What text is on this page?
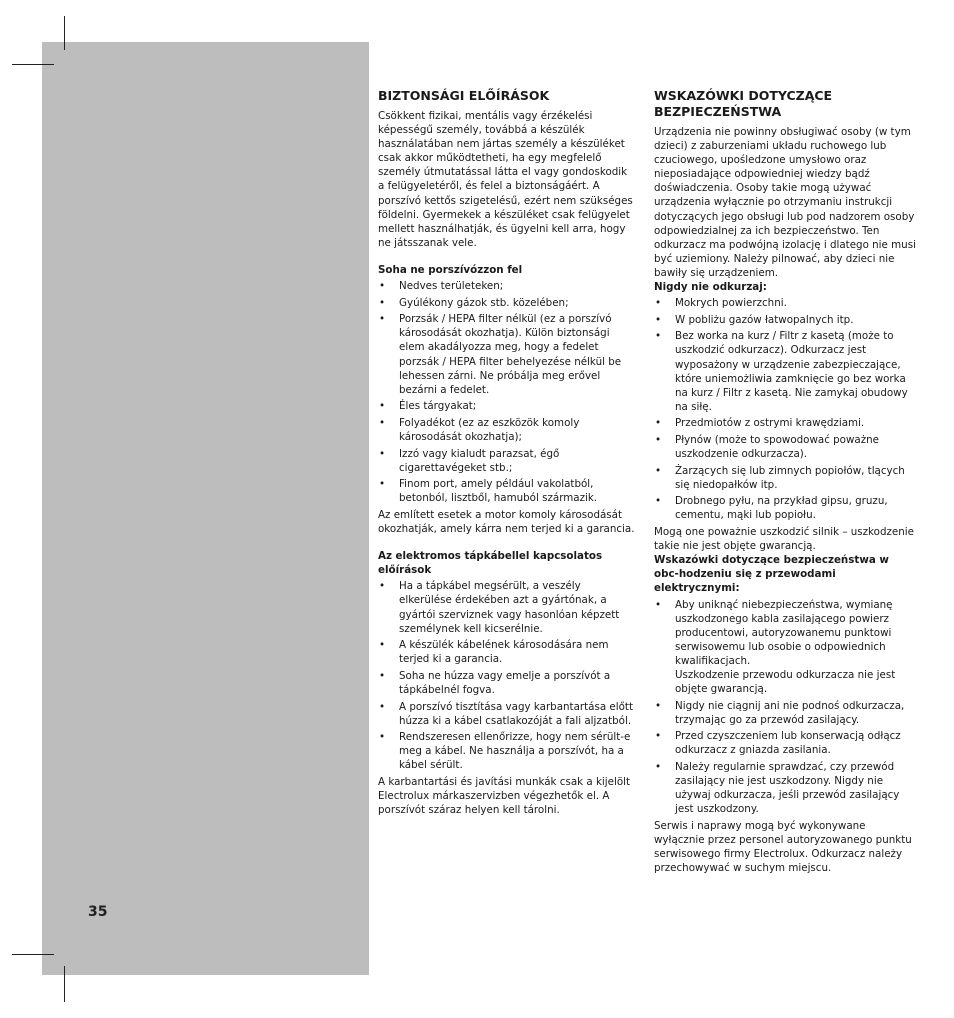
35
BIZTONSÁGI ELŐÍRÁSOK

Csökkent fizikai, mentális vagy érzékelési képességű személy, továbbá a készülék használatában nem jártas személy a készüléket csak akkor működtetheti, ha egy megfelelő személy útmutatással látta el vagy gondoskodik a felügyeletéről, és felel a biztonságáért. A porszívó kettős szigetelésű, ezért nem szükséges földelni. Gyermekek a készüléket csak felügyelet mellett használhatják, és ügyelni kell arra, hogy ne játsszanak vele.

Soha ne porszívózzon fel

• Nedves területeken;
• Gyúlékony gázok stb. közelében;
• Porzsák / HEPA filter nélkül (ez a porszívó károsodását okozhatja). Külön biztonsági elem akadályozza meg, hogy a fedelet porzsák / HEPA filter behelyezése nélkül be lehessen zárni. Ne próbálja meg erővel bezárni a fedelet.
• Éles tárgyakat;
• Folyadékot (ez az eszközök komoly károsodását okozhatja);
• Izzó vagy kialudt parazsat, égő cigarettavégeket stb.;
• Finom port, amely például vakolatból, betonból, lisztből, hamuból származik.

Az említett esetek a motor komoly károsodását okozhatják, amely kárra nem terjed ki a garancia.

Az elektromos tápkábellel kapcsolatos előírások

• Ha a tápkábel megsérült, a veszély elkerülése érdekében azt a gyártónak, a gyártói szerviznek vagy hasonlóan képzett személynek kell kicserélnie.
• A készülék kábelének károsodására nem terjed ki a garancia.
• Soha ne húzza vagy emelje a porszívót a tápkábelnél fogva.
• A porszívó tisztítása vagy karbantartása előtt húzza ki a kábel csatlakozóját a fali aljzatból.
• Rendszeresen ellenőrizze, hogy nem sérült-e meg a kábel. Ne használja a porszívót, ha a kábel sérült.

A karbantartási és javítási munkák csak a kijelölt Electrolux márkaszervizben végezhetők el. A porszívót száraz helyen kell tárolni.

WSKAZÓWKI DOTYCZĄCE BEZPIECZEŃSTWA

Urządzenia nie powinny obsługiwać osoby (w tym dzieci) z zaburzeniami układu ruchowego lub czuciowego, upośledzone umysłowo oraz nieposiadające odpowiedniej wiedzy bądź doświadczenia. Osoby takie mogą używać urządzenia wyłącznie po otrzymaniu instrukcji dotyczących jego obsługi lub pod nadzorem osoby odpowiedzialnej za ich bezpieczeństwo. Ten odkurzacz ma podwójną izolację i dlatego nie musi być uziemiony. Należy pilnować, aby dzieci nie bawiły się urządzeniem.

Nigdy nie odkurzaj:

• Mokrych powierzchni.
• W pobliżu gazów łatwopalnych itp.
• Bez worka na kurz / Filtr z kasetą (może to uszkodzić odkurzacz). Odkurzacz jest wyposażony w urządzenie zabezpieczające, które uniemożliwia zamknięcie go bez worka na kurz / Filtr z kasetą. Nie zamykaj obudowy na siłę.
• Przedmiotów z ostrymi krawędziami.
• Płynów (może to spowodować poważne uszkodzenie odkurzacza).
• Żarzących się lub zimnych popiołów, tlących się niedopałków itp.
• Drobnego pyłu, na przykład gipsu, gruzu, cementu, mąki lub popiołu.

Mogą one poważnie uszkodzić silnik – uszkodzenie takie nie jest objęte gwarancją.

Wskazówki dotyczące bezpieczeństwa w obc-hodzeniu się z przewodami elektrycznymi:

• Aby uniknąć niebezpieczeństwa, wymianę uszkodzonego kabla zasilającego powierz producentowi, autoryzowanemu punktowi serwisowemu lub osobie o odpowiednich kwalifikacjach.
Uszkodzenie przewodu odkurzacza nie jest objęte gwarancją.
• Nigdy nie ciągnij ani nie podnoś odkurzacza, trzymając go za przewód zasilający.
• Przed czyszczeniem lub konserwacją odłącz odkurzacz z gniazda zasilania.
• Należy regularnie sprawdzać, czy przewód zasilający nie jest uszkodzony. Nigdy nie używaj odkurzacza, jeśli przewód zasilający jest uszkodzony.

Serwis i naprawy mogą być wykonywane wyłącznie przez personel autoryzowanego punktu serwisowego firmy Electrolux. Odkurzacz należy przechowywać w suchym miejscu.
